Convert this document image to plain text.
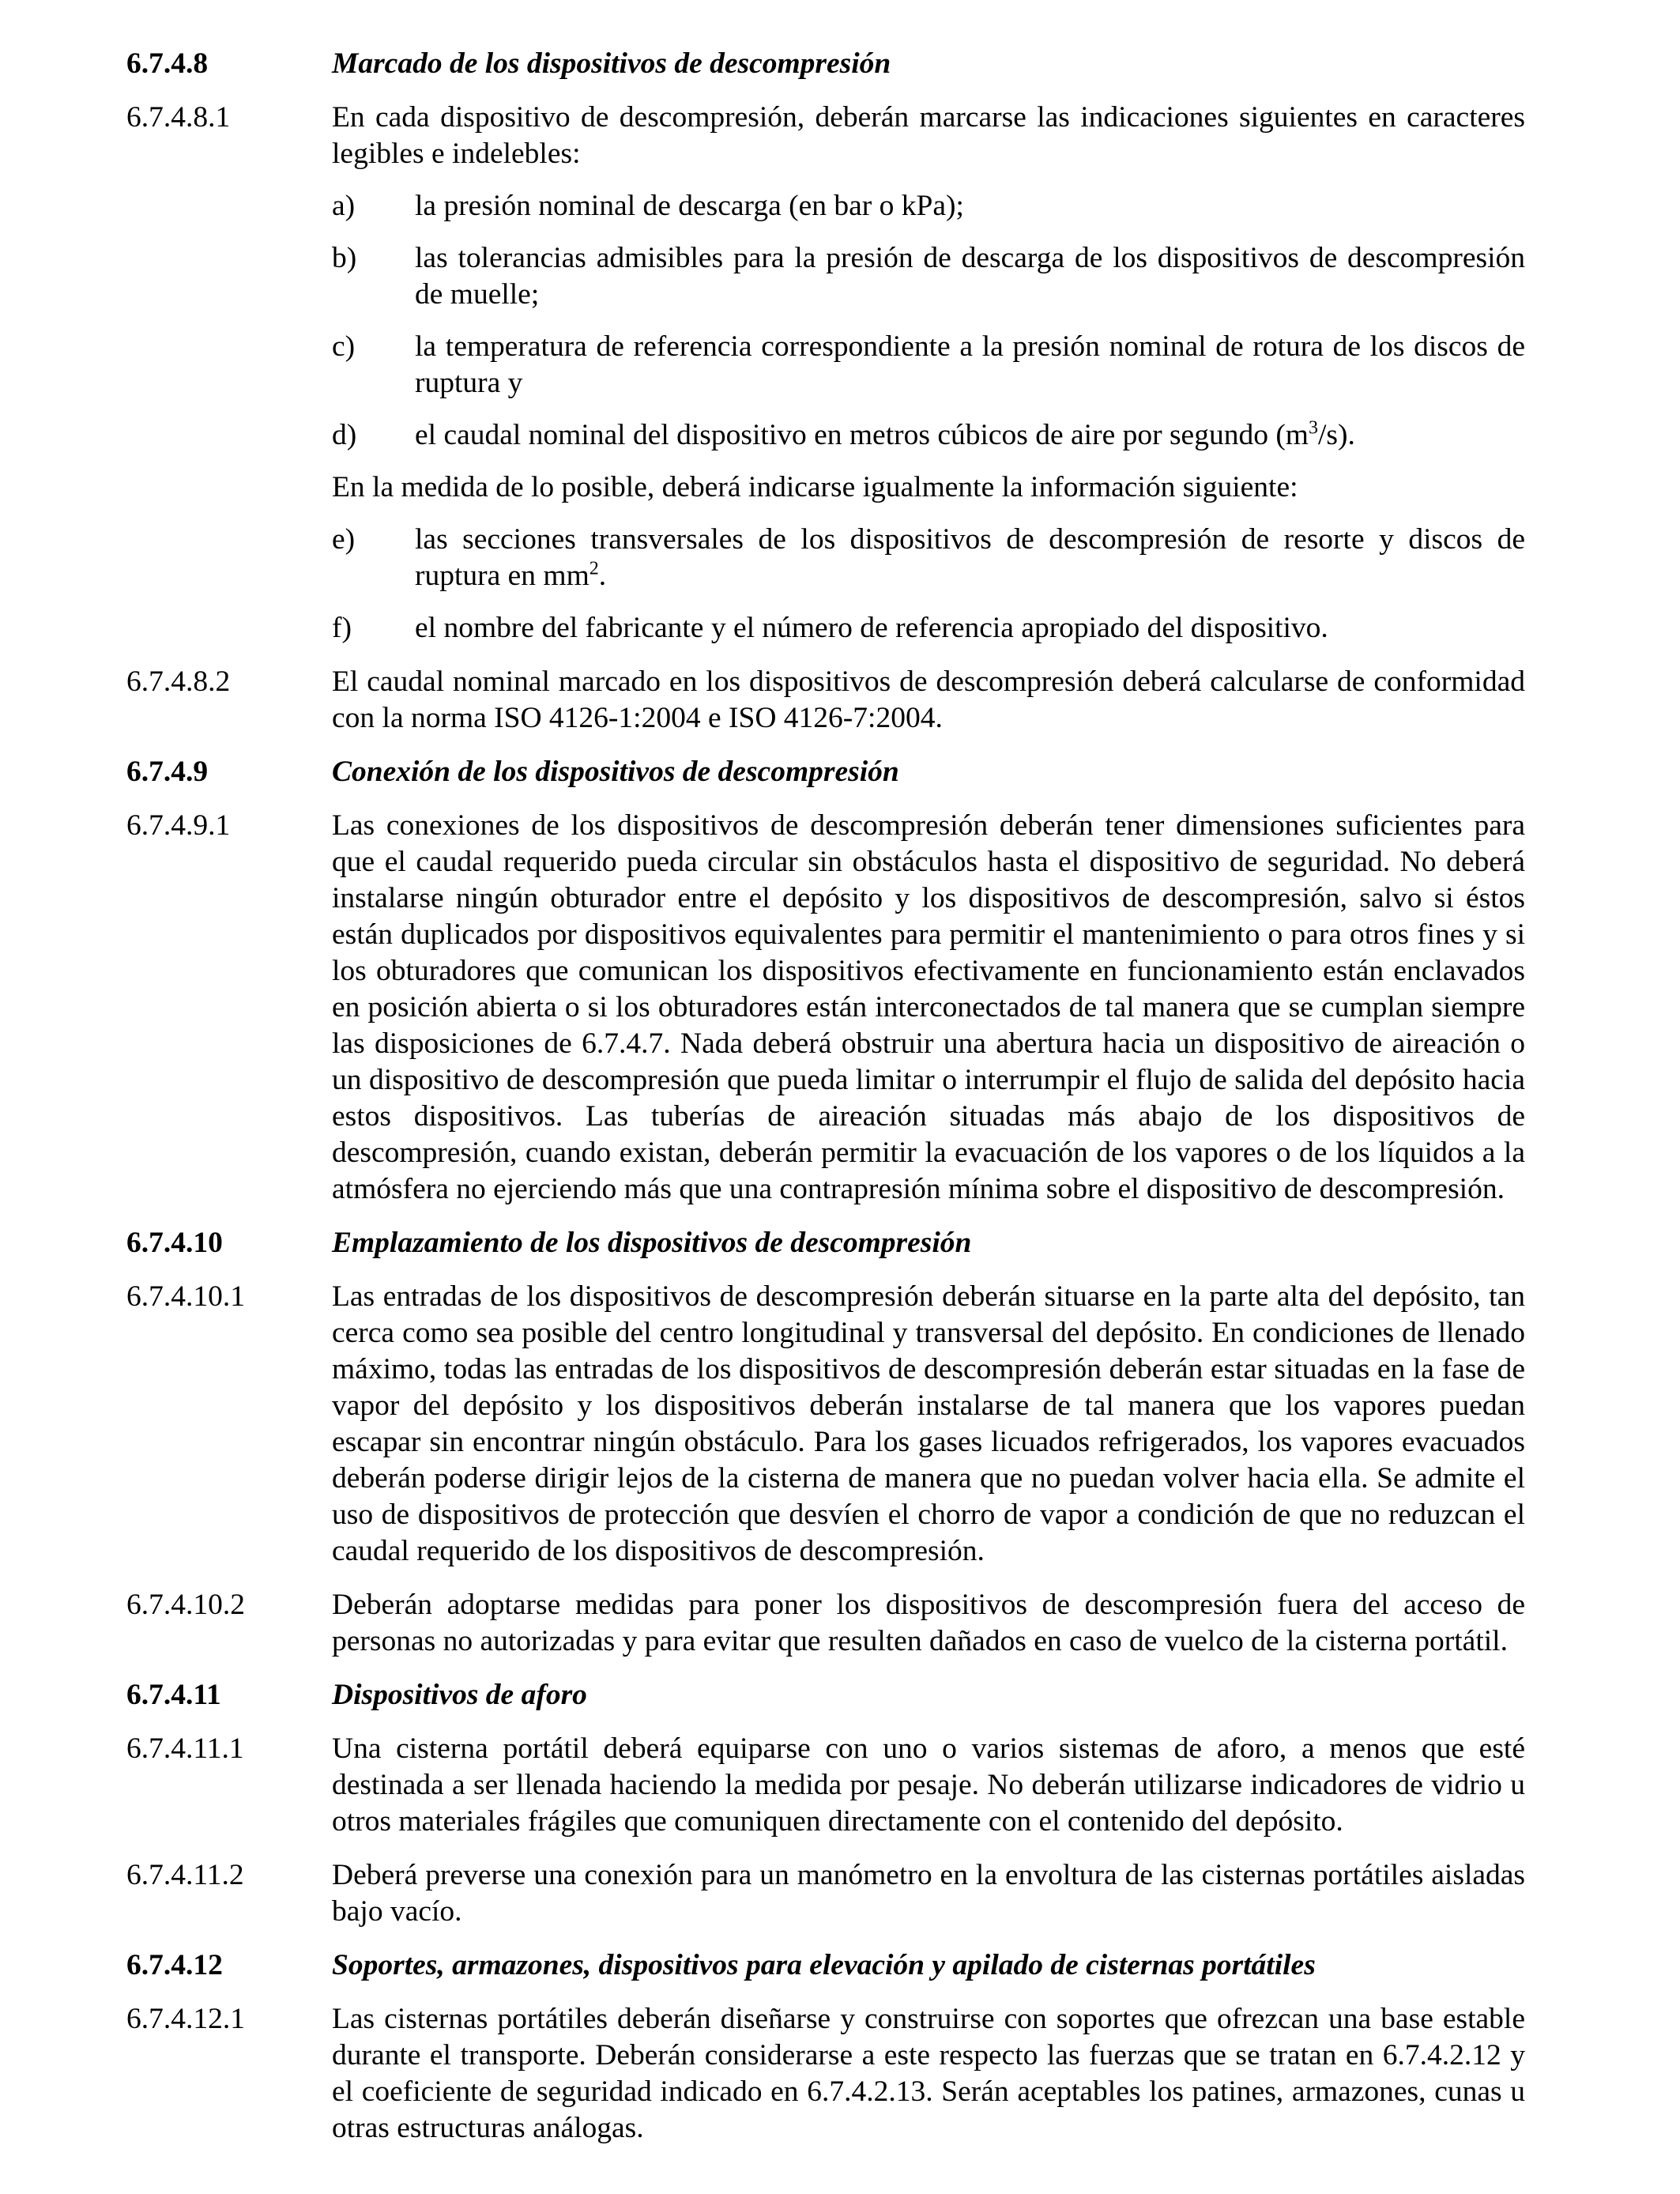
6.7.4.8	Marcado de los dispositivos de descompresión
6.7.4.8.1	En cada dispositivo de descompresión, deberán marcarse las indicaciones siguientes en caracteres legibles e indelebles:

a)	la presión nominal de descarga (en bar o kPa);
b)	las tolerancias admisibles para la presión de descarga de los dispositivos de descompresión de muelle;
c)	la temperatura de referencia correspondiente a la presión nominal de rotura de los discos de ruptura y
d)	el caudal nominal del dispositivo en metros cúbicos de aire por segundo $(m^3/s)$.

En la medida de lo posible, deberá indicarse igualmente la información siguiente:

e)	las secciones transversales de los dispositivos de descompresión de resorte y discos de ruptura en $mm^2$.
f)	el nombre del fabricante y el número de referencia apropiado del dispositivo.
6.7.4.8.2	El caudal nominal marcado en los dispositivos de descompresión deberá calcularse de conformidad con la norma ISO 4126-1:2004 e ISO 4126-7:2004.

6.7.4.9	Conexión de los dispositivos de descompresión
6.7.4.9.1	Las conexiones de los dispositivos de descompresión deberán tener dimensiones suficientes para que el caudal requerido pueda circular sin obstáculos hasta el dispositivo de seguridad. No deberá instalarse ningún obturador entre el depósito y los dispositivos de descompresión, salvo si éstos están duplicados por dispositivos equivalentes para permitir el mantenimiento o para otros fines y si los obturadores que comunican los dispositivos efectivamente en funcionamiento están enclavados en posición abierta o si los obturadores están interconectados de tal manera que se cumplan siempre las disposiciones de 6.7.4.7. Nada deberá obstruir una abertura hacia un dispositivo de aireación o un dispositivo de descompresión que pueda limitar o interrumpir el flujo de salida del depósito hacia estos dispositivos. Las tuberías de aireación situadas más abajo de los dispositivos de descompresión, cuando existan, deberán permitir la evacuación de los vapores o de los líquidos a la atmósfera no ejerciendo más que una contrapresión mínima sobre el dispositivo de descompresión.

6.7.4.10	Emplazamiento de los dispositivos de descompresión
6.7.4.10.1	Las entradas de los dispositivos de descompresión deberán situarse en la parte alta del depósito, tan cerca como sea posible del centro longitudinal y transversal del depósito. En condiciones de llenado máximo, todas las entradas de los dispositivos de descompresión deberán estar situadas en la fase de vapor del depósito y los dispositivos deberán instalarse de tal manera que los vapores puedan escapar sin encontrar ningún obstáculo. Para los gases licuados refrigerados, los vapores evacuados deberán poderse dirigir lejos de la cisterna de manera que no puedan volver hacia ella. Se admite el uso de dispositivos de protección que desvíen el chorro de vapor a condición de que no reduzcan el caudal requerido de los dispositivos de descompresión.

6.7.4.10.2	Deberán adoptarse medidas para poner los dispositivos de descompresión fuera del acceso de personas no autorizadas y para evitar que resulten dañados en caso de vuelco de la cisterna portátil.

6.7.4.11	Dispositivos de aforo
6.7.4.11.1	Una cisterna portátil deberá equiparse con uno o varios sistemas de aforo, a menos que esté destinada a ser llenada haciendo la medida por pesaje. No deberán utilizarse indicadores de vidrio u otros materiales frágiles que comuniquen directamente con el contenido del depósito.

6.7.4.11.2	Deberá preverse una conexión para un manómetro en la envoltura de las cisternas portátiles aisladas bajo vacío.

6.7.4.12	Soportes, armazones, dispositivos para elevación y apilado de cisternas portátiles
6.7.4.12.1	Las cisternas portátiles deberán diseñarse y construirse con soportes que ofrezcan una base estable durante el transporte. Deberán considerarse a este respecto las fuerzas que se tratan en 6.7.4.2.12 y el coeficiente de seguridad indicado en 6.7.4.2.13. Serán aceptables los patines, armazones, cunas u otras estructuras análogas.
